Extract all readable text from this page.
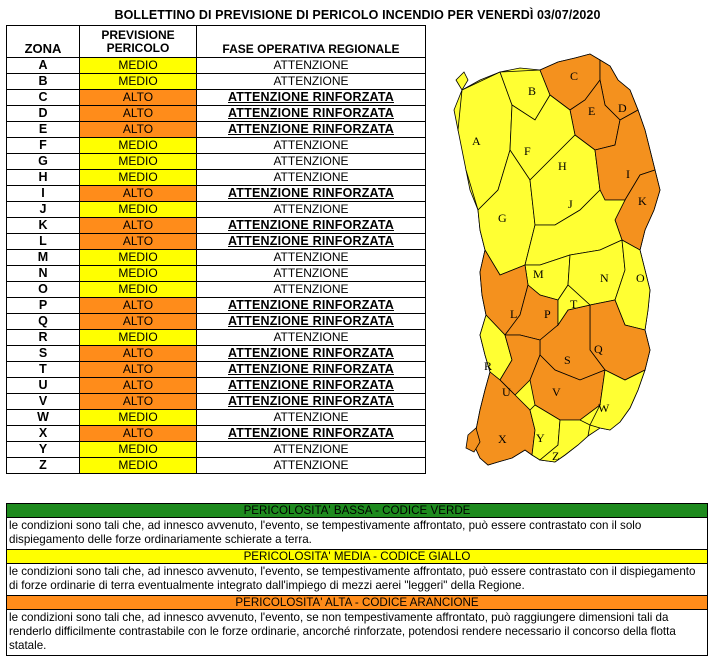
BOLLETTINO DI PREVISIONE DI PERICOLO INCENDIO PER VENERDÌ 03/07/2020
ZONA	PREVISIONE
PERICOLO	FASE OPERATIVA REGIONALE
A	MEDIO	ATTENZIONE
B	MEDIO	ATTENZIONE
C	ALTO	ATTENZIONE RINFORZATA
D	ALTO	ATTENZIONE RINFORZATA
E	ALTO	ATTENZIONE RINFORZATA
F	MEDIO	ATTENZIONE
G	MEDIO	ATTENZIONE
H	MEDIO	ATTENZIONE
I	ALTO	ATTENZIONE RINFORZATA
J	MEDIO	ATTENZIONE
K	ALTO	ATTENZIONE RINFORZATA
L	ALTO	ATTENZIONE RINFORZATA
M	MEDIO	ATTENZIONE
N	MEDIO	ATTENZIONE
O	MEDIO	ATTENZIONE
P	ALTO	ATTENZIONE RINFORZATA
Q	ALTO	ATTENZIONE RINFORZATA
R	MEDIO	ATTENZIONE
S	ALTO	ATTENZIONE RINFORZATA
T	ALTO	ATTENZIONE RINFORZATA
U	ALTO	ATTENZIONE RINFORZATA
V	ALTO	ATTENZIONE RINFORZATA
W	MEDIO	ATTENZIONE
X	ALTO	ATTENZIONE RINFORZATA
Y	MEDIO	ATTENZIONE
Z	MEDIO	ATTENZIONE
A
B
C
D
E
F
G
H
I
J	K
L
M	N O
P
Q
R	S
T
U	V
W
X Y
Z
PERICOLOSITA' BASSA - CODICE VERDE
le condizioni sono tali che, ad innesco avvenuto, l'evento, se tempestivamente affrontato, può essere contrastato con il solo dispiegamento delle forze ordinariamente schierate a terra.
PERICOLOSITA' MEDIA - CODICE GIALLO
le condizioni sono tali che, ad innesco avvenuto, l'evento, se tempestivamente affrontato, può essere contrastato con il dispiegamento di forze ordinarie di terra eventualmente integrato dall'impiego di mezzi aerei "leggeri" della Regione.
PERICOLOSITA' ALTA - CODICE ARANCIONE
le condizioni sono tali che, ad innesco avvenuto, l'evento, se non tempestivamente affrontato, può raggiungere dimensioni tali da renderlo difficilmente contrastabile con le forze ordinarie, ancorché rinforzate, potendosi rendere necessario il concorso della flotta statale.
